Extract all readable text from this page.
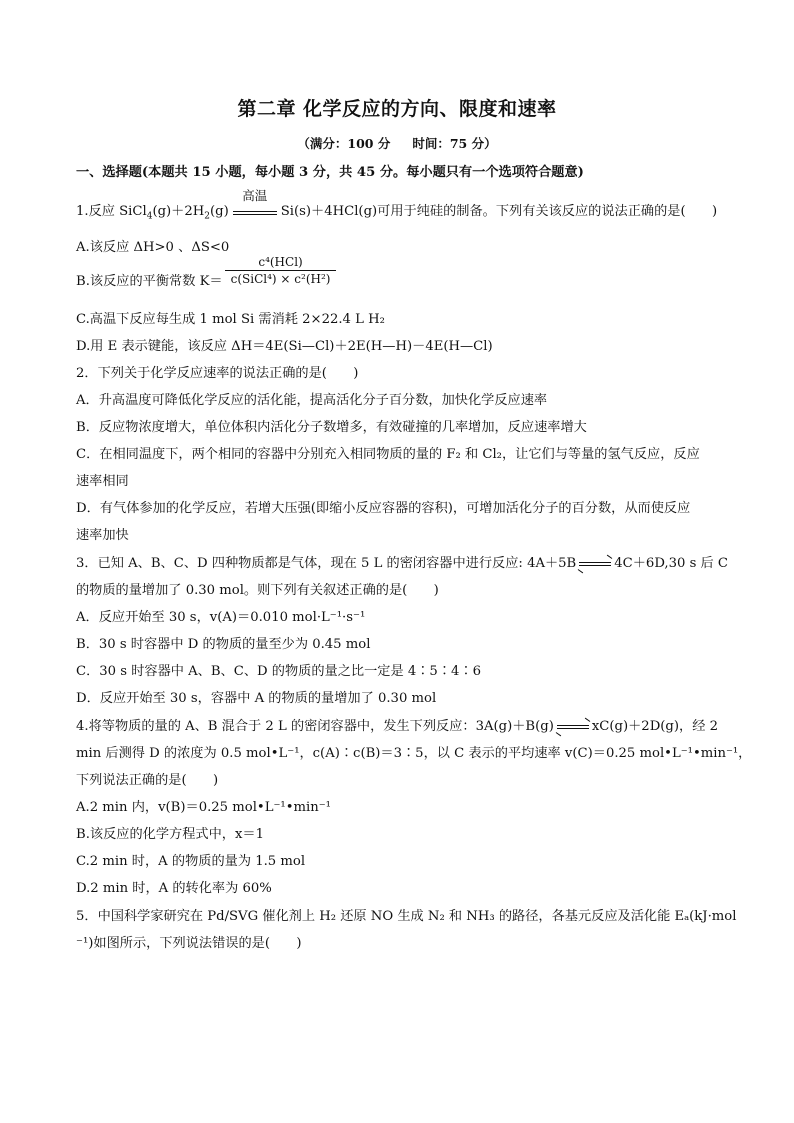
第二章 化学反应的方向、限度和速率
（满分：100 分 时间：75 分）
一、选择题(本题共 15 小题，每小题 3 分，共 45 分。每小题只有一个选项符合题意)
1.反应 $SiCl_4(g)+2H_2(g)$
高温
Si(s)＋4HCl(g)可用于纯硅的制备。下列有关该反应的说法正确的是(　　)
A.该反应 ΔH>0 、ΔS<0
B.该反应的平衡常数 $K= \frac{\text{c⁴(HCl)}}{\text{c(SiCl⁴) × c²(H²)}}$
C.高温下反应每生成 1 mol Si 需消耗 2×22.4 L H₂
D.用 E 表示键能，该反应 ΔH＝4E(Si—Cl)＋2E(H—H)－4E(H—Cl)
2．下列关于化学反应速率的说法正确的是(　　)
A．升高温度可降低化学反应的活化能，提高活化分子百分数，加快化学反应速率
B．反应物浓度增大，单位体积内活化分子数增多，有效碰撞的几率增加，反应速率增大
C．在相同温度下，两个相同的容器中分别充入相同物质的量的 F₂ 和 Cl₂，让它们与等量的氢气反应，反应
速率相同
D．有气体参加的化学反应，若增大压强(即缩小反应容器的容积)，可增加活化分子的百分数，从而使反应
速率加快
3．已知 A、B、C、D 四种物质都是气体，现在 5 L 的密闭容器中进行反应: 4A＋5B⇌4C＋6D,30 s 后 C
的物质的量增加了 0.30 mol。则下列有关叙述正确的是(　　)
A．反应开始至 30 s，v(A)＝0.010 mol·L⁻¹·s⁻¹
B．30 s 时容器中 D 的物质的量至少为 0.45 mol
C．30 s 时容器中 A、B、C、D 的物质的量之比一定是 4∶5∶4∶6
D．反应开始至 30 s，容器中 A 的物质的量增加了 0.30 mol
4.将等物质的量的 A、B 混合于 2 L 的密闭容器中，发生下列反应：3A(g)＋B(g)⇌xC(g)＋2D(g)，经 2
min 后测得 D 的浓度为 0.5 mol•L⁻¹，c(A)∶c(B)＝3∶5，以 C 表示的平均速率 v(C)＝0.25 mol•L⁻¹•min⁻¹，
下列说法正确的是(　　)
A.2 min 内，v(B)＝0.25 mol•L⁻¹•min⁻¹
B.该反应的化学方程式中，x＝1
C.2 min 时，A 的物质的量为 1.5 mol
D.2 min 时，A 的转化率为 60%
5．中国科学家研究在 Pd/SVG 催化剂上 H₂ 还原 NO 生成 N₂ 和 NH₃ 的路径，各基元反应及活化能 Eₐ(kJ·mol
⁻¹)如图所示，下列说法错误的是(　　)
